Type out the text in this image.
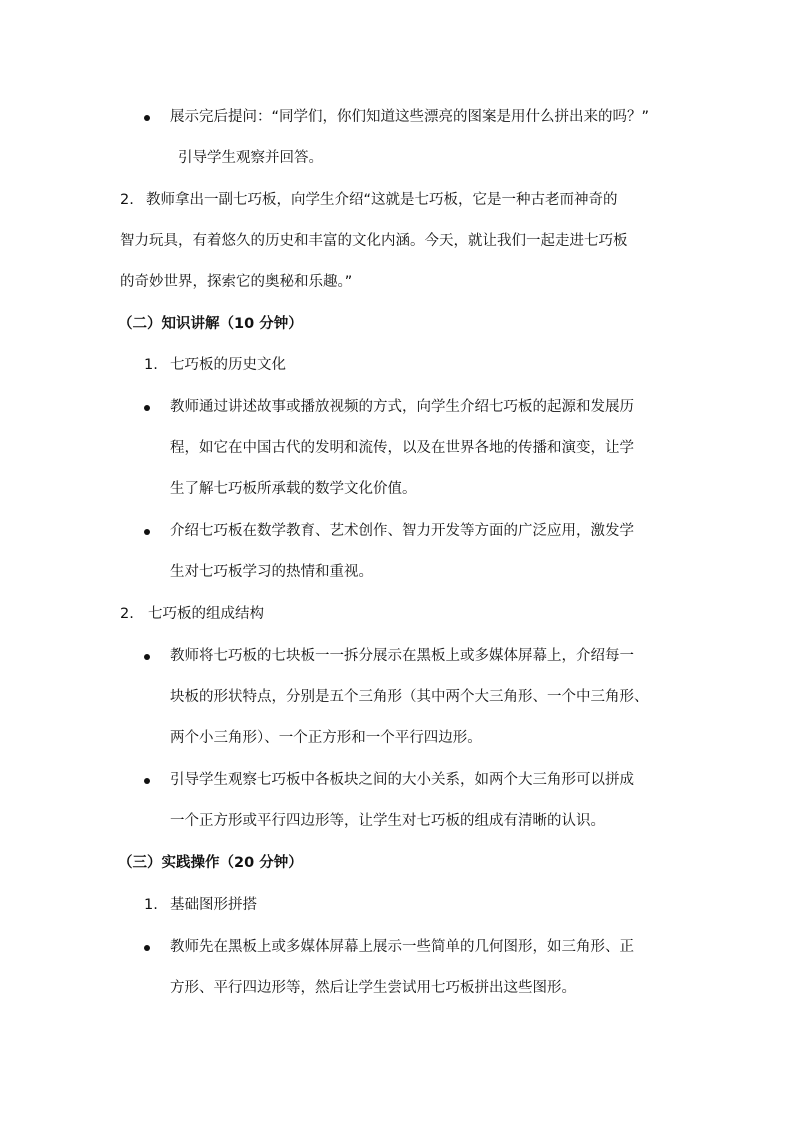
展示完后提问：“同学们，你们知道这些漂亮的图案是用什么拼出来的吗？”
引导学生观察并回答。
2. 教师拿出一副七巧板，向学生介绍“这就是七巧板，它是一种古老而神奇的
智力玩具，有着悠久的历史和丰富的文化内涵。今天，就让我们一起走进七巧板
的奇妙世界，探索它的奥秘和乐趣。”
（二）知识讲解（10 分钟）
1. 七巧板的历史文化
教师通过讲述故事或播放视频的方式，向学生介绍七巧板的起源和发展历
程，如它在中国古代的发明和流传，以及在世界各地的传播和演变，让学
生了解七巧板所承载的数学文化价值。
介绍七巧板在数学教育、艺术创作、智力开发等方面的广泛应用，激发学
生对七巧板学习的热情和重视。
2. 七巧板的组成结构
教师将七巧板的七块板一一拆分展示在黑板上或多媒体屏幕上，介绍每一
块板的形状特点，分别是五个三角形（其中两个大三角形、一个中三角形、
两个小三角形）、一个正方形和一个平行四边形。
引导学生观察七巧板中各板块之间的大小关系，如两个大三角形可以拼成
一个正方形或平行四边形等，让学生对七巧板的组成有清晰的认识。
（三）实践操作（20 分钟）
1. 基础图形拼搭
教师先在黑板上或多媒体屏幕上展示一些简单的几何图形，如三角形、正
方形、平行四边形等，然后让学生尝试用七巧板拼出这些图形。
